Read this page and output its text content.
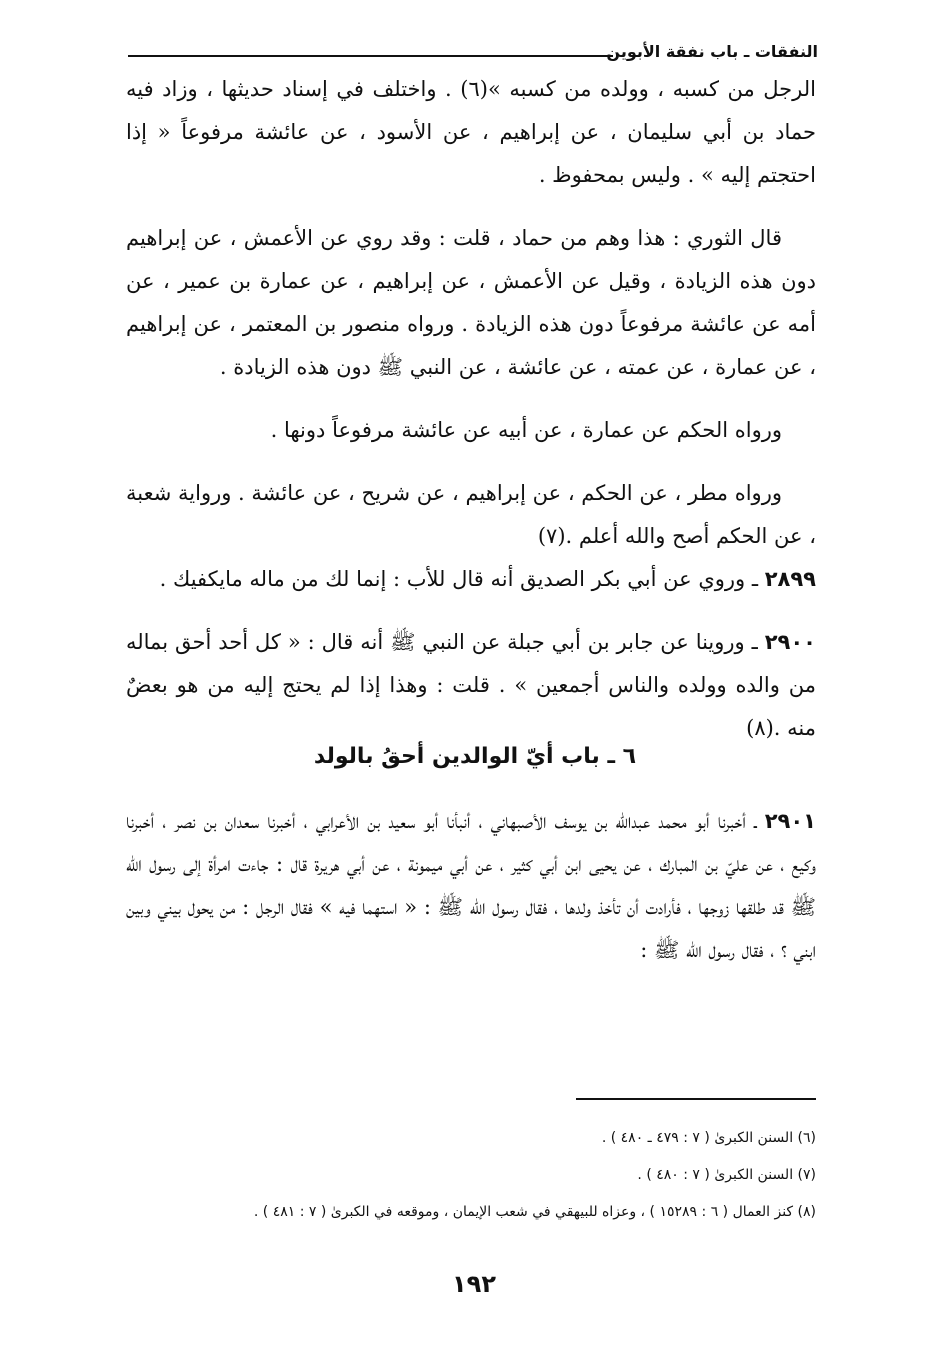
النفقات ـ باب نفقة الأبوين

الرجل من كسبه ، وولده من كسبه »(٦) . واختلف في إسناد حديثها ، وزاد فيه حماد بن أبي سليمان ، عن إبراهيم ، عن الأسود ، عن عائشة مرفوعاً « إذا احتجتم إليه » . وليس بمحفوظ .

قال الثوري : هذا وهم من حماد ، قلت : وقد روي عن الأعمش ، عن إبراهيم دون هذه الزيادة ، وقيل عن الأعمش ، عن إبراهيم ، عن عمارة بن عمير ، عن أمه عن عائشة مرفوعاً دون هذه الزيادة . ورواه منصور بن المعتمر ، عن إبراهيم ، عن عمارة ، عن عمته ، عن عائشة ، عن النبي ﷺ دون هذه الزيادة .

ورواه الحكم عن عمارة ، عن أبيه عن عائشة مرفوعاً دونها .

ورواه مطر ، عن الحكم ، عن إبراهيم ، عن شريح ، عن عائشة . ورواية شعبة ، عن الحكم أصح والله أعلم .(٧)

٢٨٩٩ ـ وروي عن أبي بكر الصديق أنه قال للأب : إنما لك من ماله مايكفيك .

٢٩٠٠ ـ وروينا عن جابر بن أبي جبلة عن النبي ﷺ أنه قال : « كل أحد أحق بماله من والده وولده والناس أجمعين » . قلت : وهذا إذا لم يحتج إليه من هو بعضٌ منه .(٨)

٦ ـ باب أيّ الوالدين أحقُ بالولد

٢٩٠١ ـ أخبرنا أبو محمد عبدالله بن يوسف الأصبهاني ، أنبأنا أبو سعيد بن الأعرابي ، أخبرنا سعدان بن نصر ، أخبرنا وكيع ، عن عليّ بن المبارك ، عن يحيى ابن أبي كثير ، عن أبي ميمونة ، عن أبي هريرة قال : جاءت امرأة إلى رسول الله ﷺ قد طلقها زوجها ، فأرادت أن تأخذ ولدها ، فقال رسول الله ﷺ : « استهما فيه » فقال الرجل : من يحول بيني وبين ابني ؟ ، فقال رسول الله ﷺ :

(٦) السنن الكبرىٰ ( ٧ : ٤٧٩ ـ ٤٨٠ ) .

(٧) السنن الكبرىٰ ( ٧ : ٤٨٠ ) .

(٨) كنز العمال ( ٦ : ١٥٢٨٩ ) ، وعزاه للبيهقي في شعب الإيمان ، وموقعه في الكبرىٰ ( ٧ : ٤٨١ ) .

١٩٢
